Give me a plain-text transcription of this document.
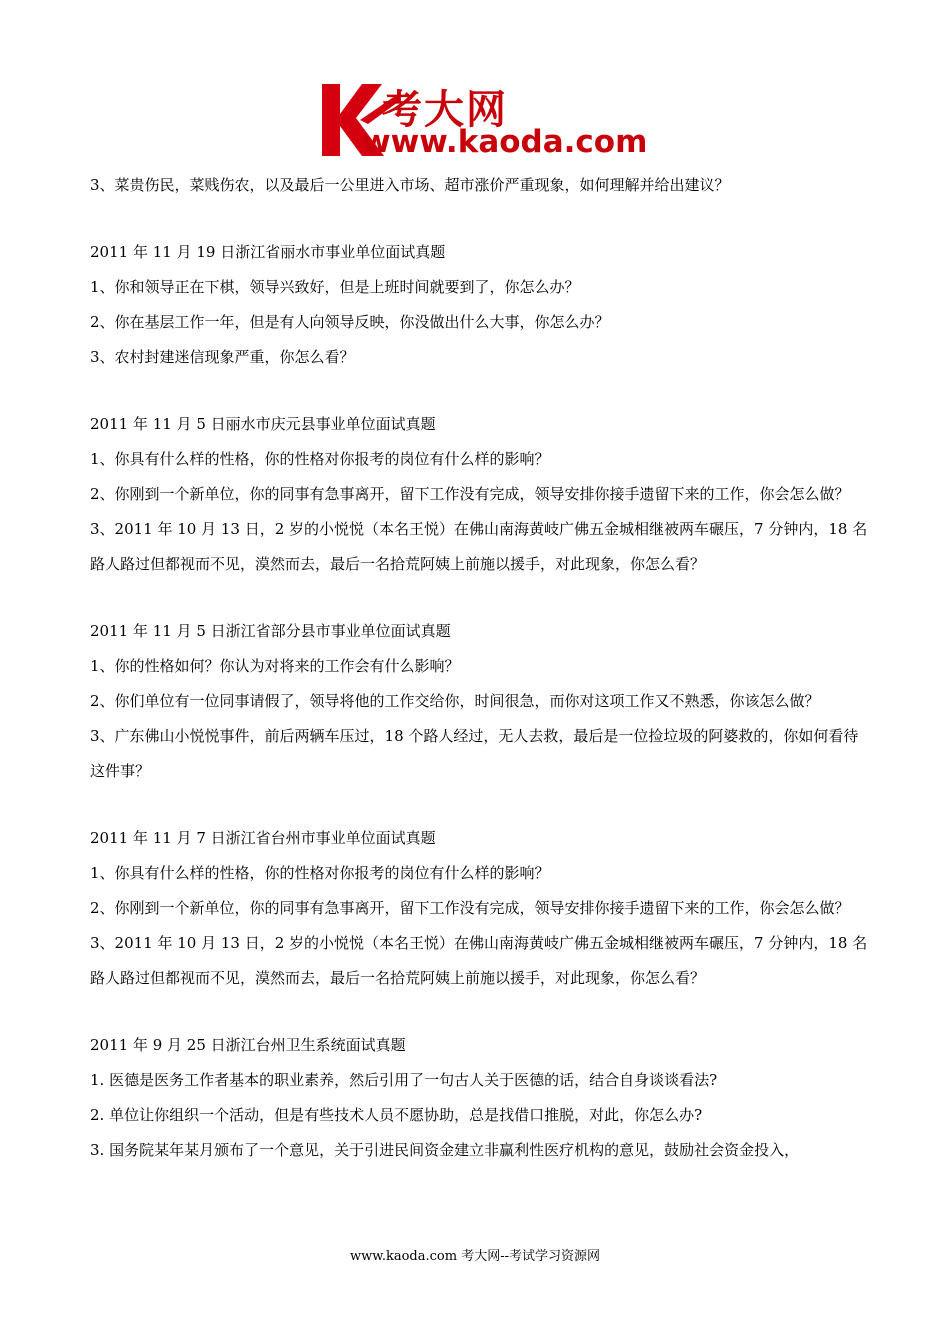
考大网
www.kaoda.com
3、菜贵伤民，菜贱伤农，以及最后一公里进入市场、超市涨价严重现象，如何理解并给出建议？
2011 年 11 月 19 日浙江省丽水市事业单位面试真题
1、你和领导正在下棋，领导兴致好，但是上班时间就要到了，你怎么办？
2、你在基层工作一年，但是有人向领导反映，你没做出什么大事，你怎么办？
3、农村封建迷信现象严重，你怎么看？
2011 年 11 月 5 日丽水市庆元县事业单位面试真题
1、你具有什么样的性格，你的性格对你报考的岗位有什么样的影响？
2、你刚到一个新单位，你的同事有急事离开，留下工作没有完成，领导安排你接手遗留下来的工作，你会怎么做？
3、2011 年 10 月 13 日，2 岁的小悦悦（本名王悦）在佛山南海黄岐广佛五金城相继被两车碾压，7 分钟内，18 名路人路过但都视而不见，漠然而去，最后一名拾荒阿姨上前施以援手，对此现象，你怎么看？
2011 年 11 月 5 日浙江省部分县市事业单位面试真题
1、你的性格如何？你认为对将来的工作会有什么影响？
2、你们单位有一位同事请假了，领导将他的工作交给你，时间很急，而你对这项工作又不熟悉，你该怎么做？
3、广东佛山小悦悦事件，前后两辆车压过，18 个路人经过，无人去救，最后是一位捡垃圾的阿婆救的，你如何看待这件事？
2011 年 11 月 7 日浙江省台州市事业单位面试真题
1、你具有什么样的性格，你的性格对你报考的岗位有什么样的影响？
2、你刚到一个新单位，你的同事有急事离开，留下工作没有完成，领导安排你接手遗留下来的工作，你会怎么做？
3、2011 年 10 月 13 日，2 岁的小悦悦（本名王悦）在佛山南海黄岐广佛五金城相继被两车碾压，7 分钟内，18 名路人路过但都视而不见，漠然而去，最后一名拾荒阿姨上前施以援手，对此现象，你怎么看？
2011 年 9 月 25 日浙江台州卫生系统面试真题
1. 医德是医务工作者基本的职业素养，然后引用了一句古人关于医德的话，结合自身谈谈看法?
2. 单位让你组织一个活动，但是有些技术人员不愿协助，总是找借口推脱，对此，你怎么办?
3. 国务院某年某月颁布了一个意见，关于引进民间资金建立非赢利性医疗机构的意见，鼓励社会资金投入，
www.kaoda.com 考大网--考试学习资源网
